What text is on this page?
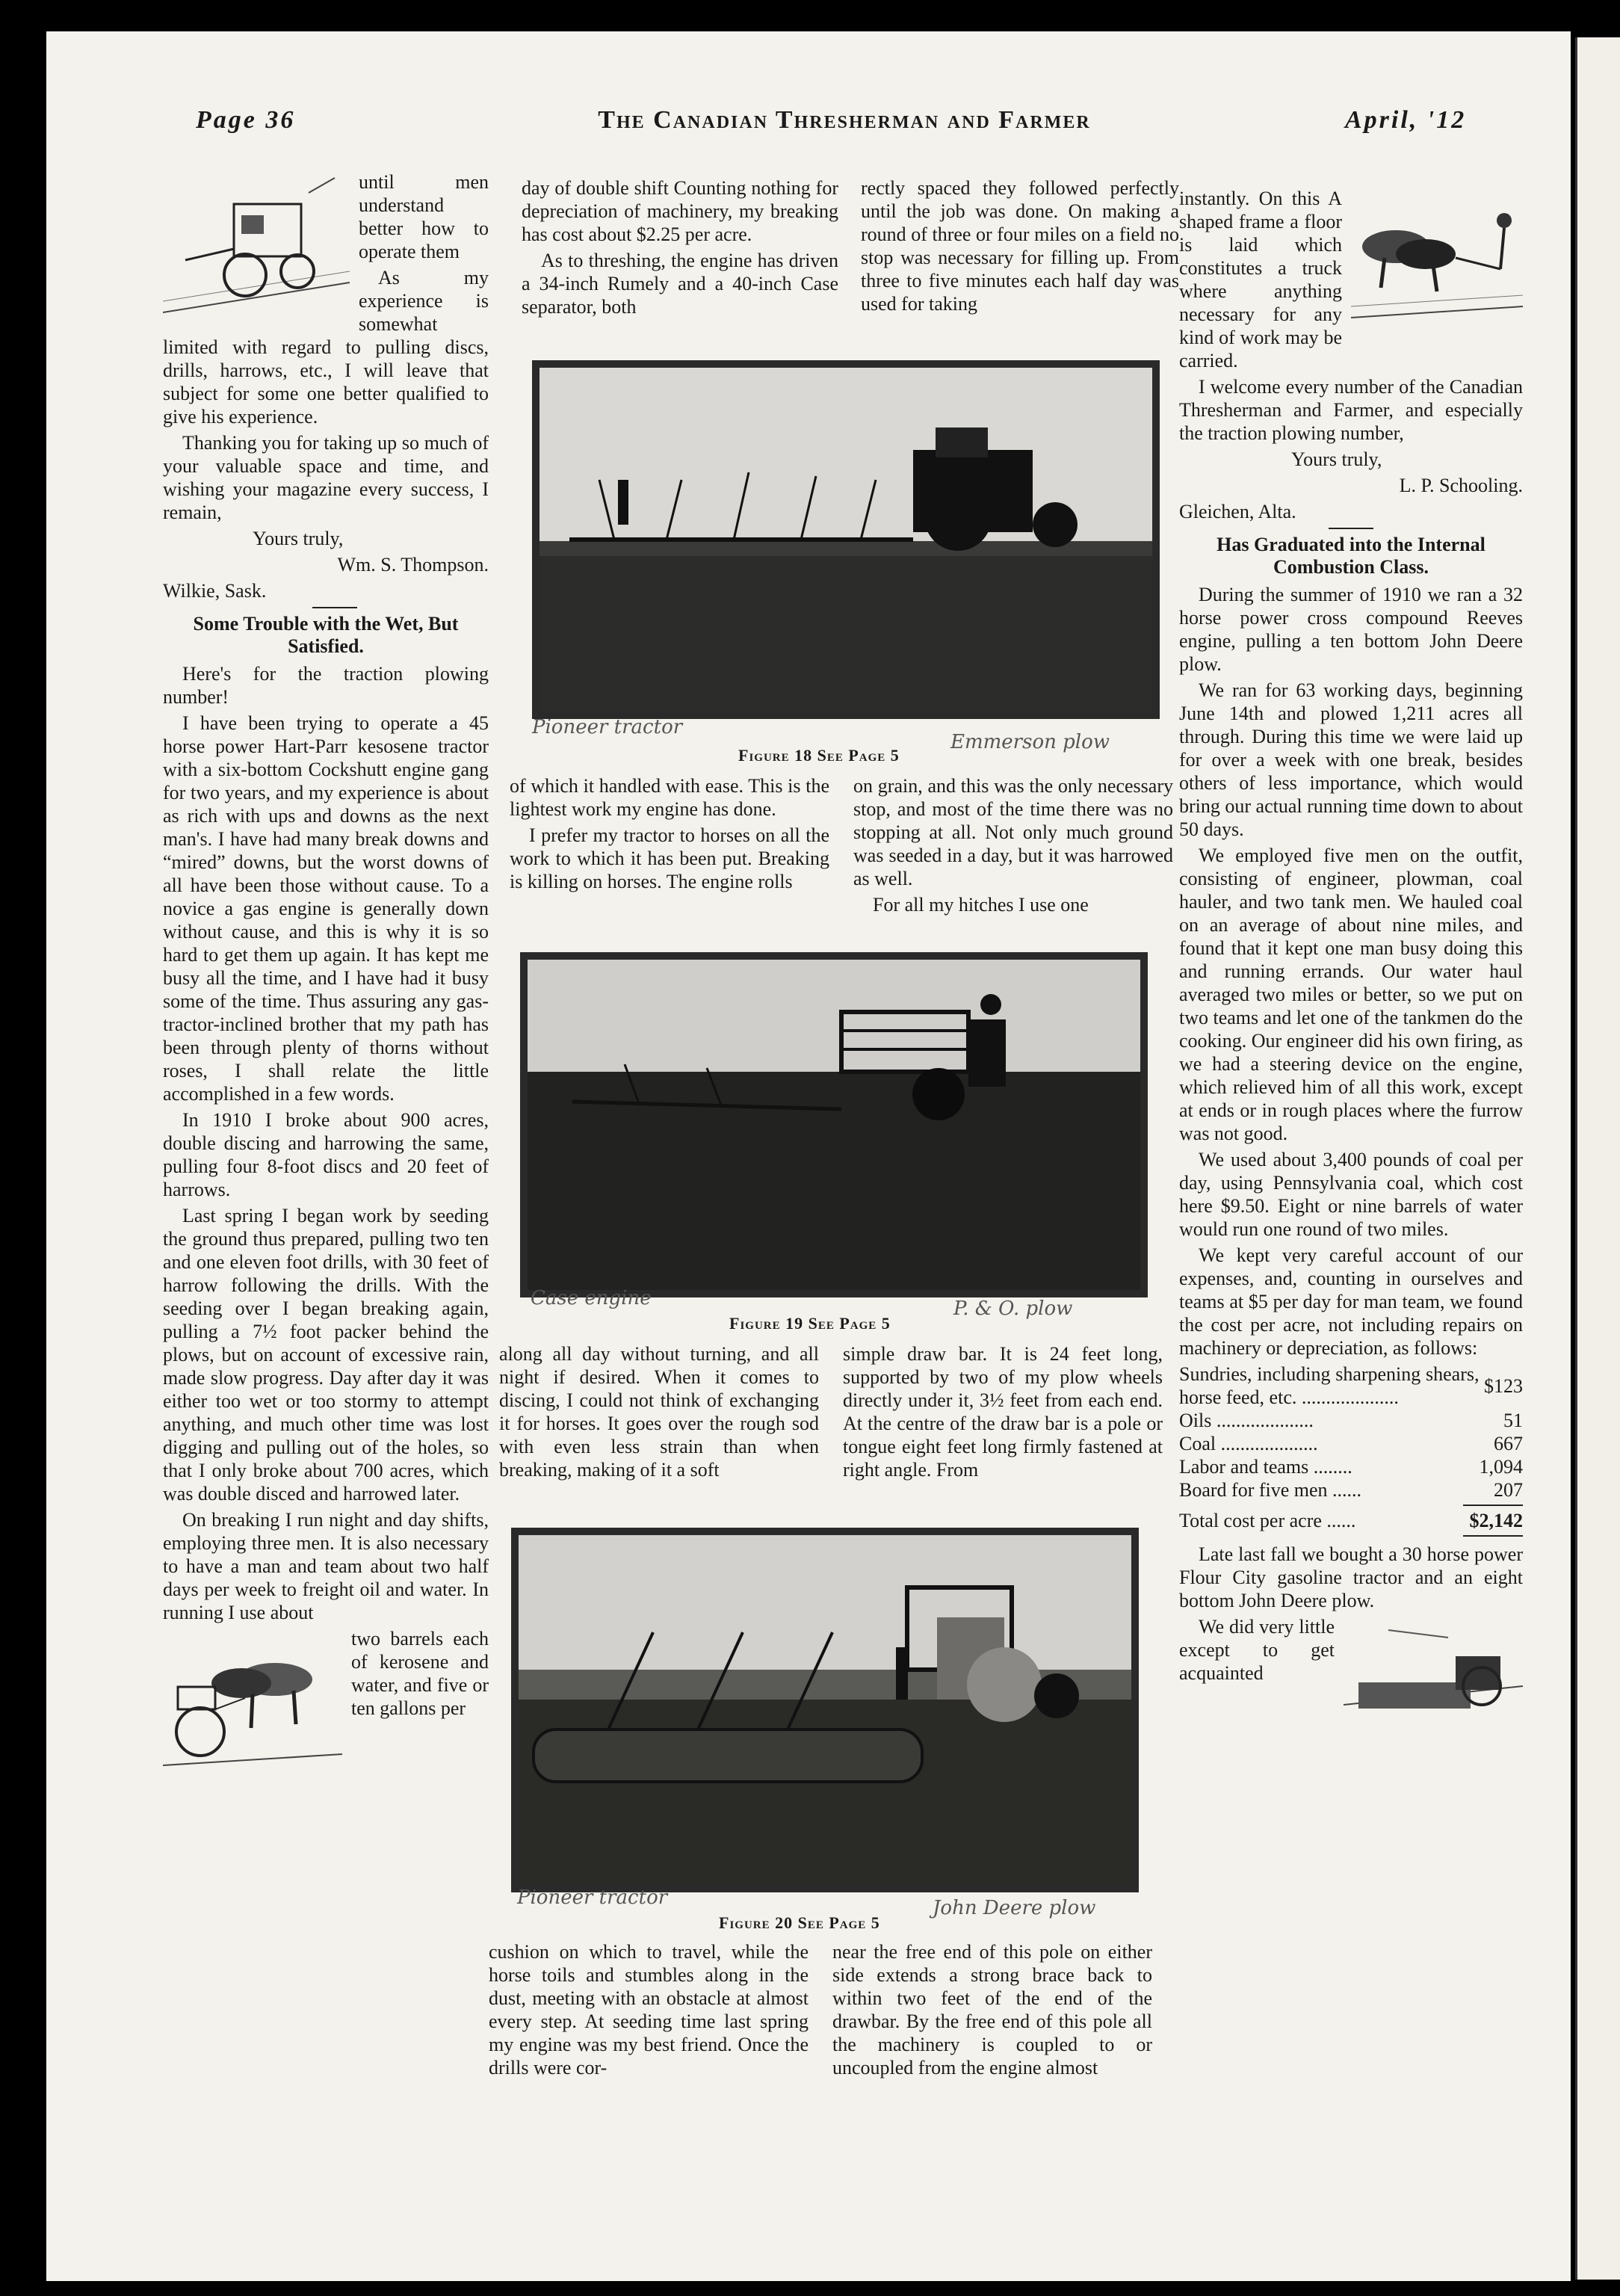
Page 36	The Canadian Thresherman and Farmer	April, '12

until men understand better how to operate them

As my experience is somewhat limited with regard to pulling discs, drills, harrows, etc., I will leave that subject for some one better qualified to give his experience.

Thanking you for taking up so much of your valuable space and time, and wishing your magazine every success, I remain,

Yours truly,

Wm. S. Thompson.

Wilkie, Sask.

Some Trouble with the Wet, But Satisfied.

Here's for the traction plowing number!

I have been trying to operate a 45 horse power Hart-Parr kesosene tractor with a six-bottom Cockshutt engine gang for two years, and my experience is about as rich with ups and downs as the next man's. I have had many break downs and “mired” downs, but the worst downs of all have been those without cause. To a novice a gas engine is generally down without cause, and this is why it is so hard to get them up again. It has kept me busy all the time, and I have had it busy some of the time. Thus assuring any gas-tractor-inclined brother that my path has been through plenty of thorns without roses, I shall relate the little accomplished in a few words.

In 1910 I broke about 900 acres, double discing and harrowing the same, pulling four 8-foot discs and 20 feet of harrows.

Last spring I began work by seeding the ground thus prepared, pulling two ten and one eleven foot drills, with 30 feet of harrow following the drills. With the seeding over I began breaking again, pulling a 7½ foot packer behind the plows, but on account of excessive rain, made slow progress. Day after day it was either too wet or too stormy to attempt anything, and much other time was lost digging and pulling out of the holes, so that I only broke about 700 acres, which was double disced and harrowed later.

On breaking I run night and day shifts, employing three men. It is also necessary to have a man and team about two half days per week to freight oil and water. In running I use about

two barrels each of kerosene and water, and five or ten gallons per

day of double shift Counting nothing for depreciation of machinery, my breaking has cost about $2.25 per acre.

As to threshing, the engine has driven a 34-inch Rumely and a 40-inch Case separator, both

rectly spaced they followed perfectly until the job was done. On making a round of three or four miles on a field no stop was necessary for filling up. From three to five minutes each half day was used for taking

Pioneer tractor
Figure 18 See Page 5
Emmerson plow

of which it handled with ease. This is the lightest work my engine has done.

I prefer my tractor to horses on all the work to which it has been put. Breaking is killing on horses. The engine rolls

on grain, and this was the only necessary stop, and most of the time there was no stopping at all. Not only much ground was seeded in a day, but it was harrowed as well.

For all my hitches I use one

Case engine
Figure 19 See Page 5
P. & O. plow

along all day without turning, and all night if desired. When it comes to discing, I could not think of exchanging it for horses. It goes over the rough sod with even less strain than when breaking, making of it a soft

simple draw bar. It is 24 feet long, supported by two of my plow wheels directly under it, 3½ feet from each end. At the centre of the draw bar is a pole or tongue eight feet long firmly fastened at right angle. From

Pioneer tractor
Figure 20 See Page 5
John Deere plow

cushion on which to travel, while the horse toils and stumbles along in the dust, meeting with an obstacle at almost every step. At seeding time last spring my engine was my best friend. Once the drills were cor-

near the free end of this pole on either side extends a strong brace back to within two feet of the end of the drawbar. By the free end of this pole all the machinery is coupled to or uncoupled from the engine almost

instantly. On this A shaped frame a floor is laid which constitutes a truck where anything necessary for any kind of work may be carried.

I welcome every number of the Canadian Thresherman and Farmer, and especially the traction plowing number,

Yours truly,

L. P. Schooling.

Gleichen, Alta.

Has Graduated into the Internal Combustion Class.

During the summer of 1910 we ran a 32 horse power cross compound Reeves engine, pulling a ten bottom John Deere plow.

We ran for 63 working days, beginning June 14th and plowed 1,211 acres all through. During this time we were laid up for over a week with one break, besides others of less importance, which would bring our actual running time down to about 50 days.

We employed five men on the outfit, consisting of engineer, plowman, coal hauler, and two tank men. We hauled coal on an average of about nine miles, and found that it kept one man busy doing this and running errands. Our water haul averaged two miles or better, so we put on two teams and let one of the tankmen do the cooking. Our engineer did his own firing, as we had a steering device on the engine, which relieved him of all this work, except at ends or in rough places where the furrow was not good.

We used about 3,400 pounds of coal per day, using Pennsylvania coal, which cost here $9.50. Eight or nine barrels of water would run one round of two miles.

We kept very careful account of our expenses, and, counting in ourselves and teams at $5 per day for man team, we found the cost per acre, not including repairs on machinery or depreciation, as follows:

Sundries, including sharpening shears, horse feed, etc. ....................	$123
Oils ....................	51
Coal ....................	667
Labor and teams ........	1,094
Board for five men ......	207
Total cost per acre ......	$2,142

Late last fall we bought a 30 horse power Flour City gasoline tractor and an eight bottom John Deere plow.

We did very little except to get acquainted
